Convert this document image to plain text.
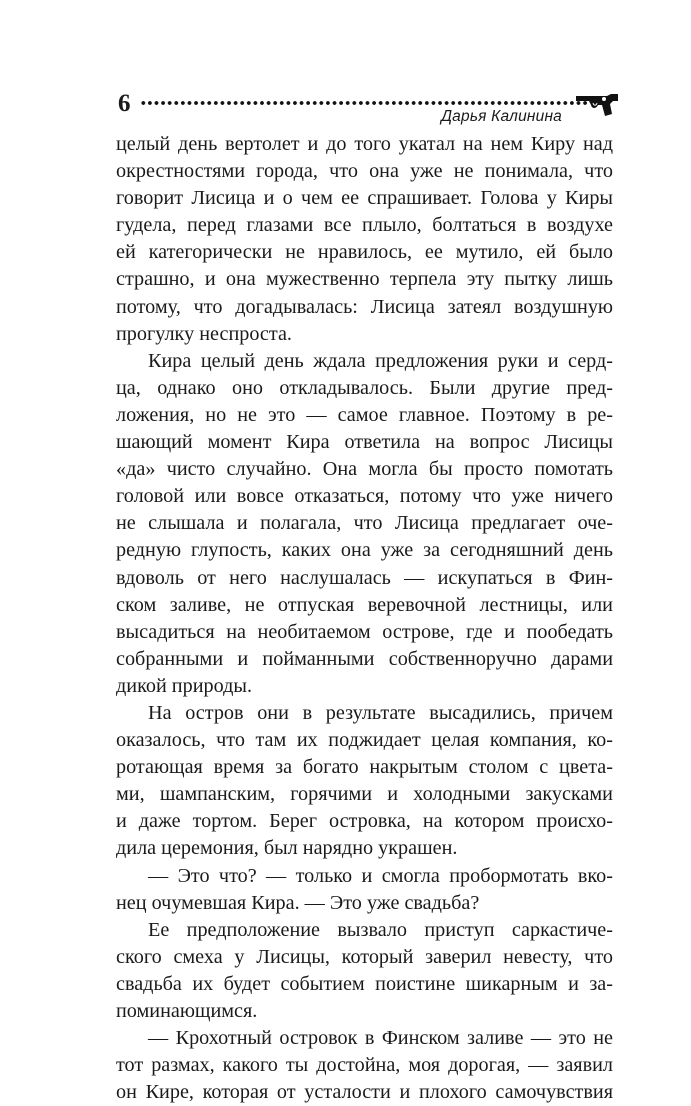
6	Дарья Калинина
целый день вертолет и до того укатал на нем Киру над
окрестностями города, что она уже не понимала, что
говорит Лисица и о чем ее спрашивает. Голова у Киры
гудела, перед глазами все плыло, болтаться в воздухе
ей категорически не нравилось, ее мутило, ей было
страшно, и она мужественно терпела эту пытку лишь
потому, что догадывалась: Лисица затеял воздушную
прогулку неспроста.
Кира целый день ждала предложения руки и серд-
ца, однако оно откладывалось. Были другие пред-
ложения, но не это — самое главное. Поэтому в ре-
шающий момент Кира ответила на вопрос Лисицы
«да» чисто случайно. Она могла бы просто помотать
головой или вовсе отказаться, потому что уже ничего
не слышала и полагала, что Лисица предлагает оче-
редную глупость, каких она уже за сегодняшний день
вдоволь от него наслушалась — искупаться в Фин-
ском заливе, не отпуская веревочной лестницы, или
высадиться на необитаемом острове, где и пообедать
собранными и пойманными собственноручно дарами
дикой природы.
На остров они в результате высадились, причем
оказалось, что там их поджидает целая компания, ко-
ротающая время за богато накрытым столом с цвета-
ми, шампанским, горячими и холодными закусками
и даже тортом. Берег островка, на котором происхо-
дила церемония, был нарядно украшен.
— Это что? — только и смогла пробормотать вко-
нец очумевшая Кира. — Это уже свадьба?
Ее предположение вызвало приступ саркастиче-
ского смеха у Лисицы, который заверил невесту, что
свадьба их будет событием поистине шикарным и за-
поминающимся.
— Крохотный островок в Финском заливе — это не
тот размах, какого ты достойна, моя дорогая, — заявил
он Кире, которая от усталости и плохого самочувствия
